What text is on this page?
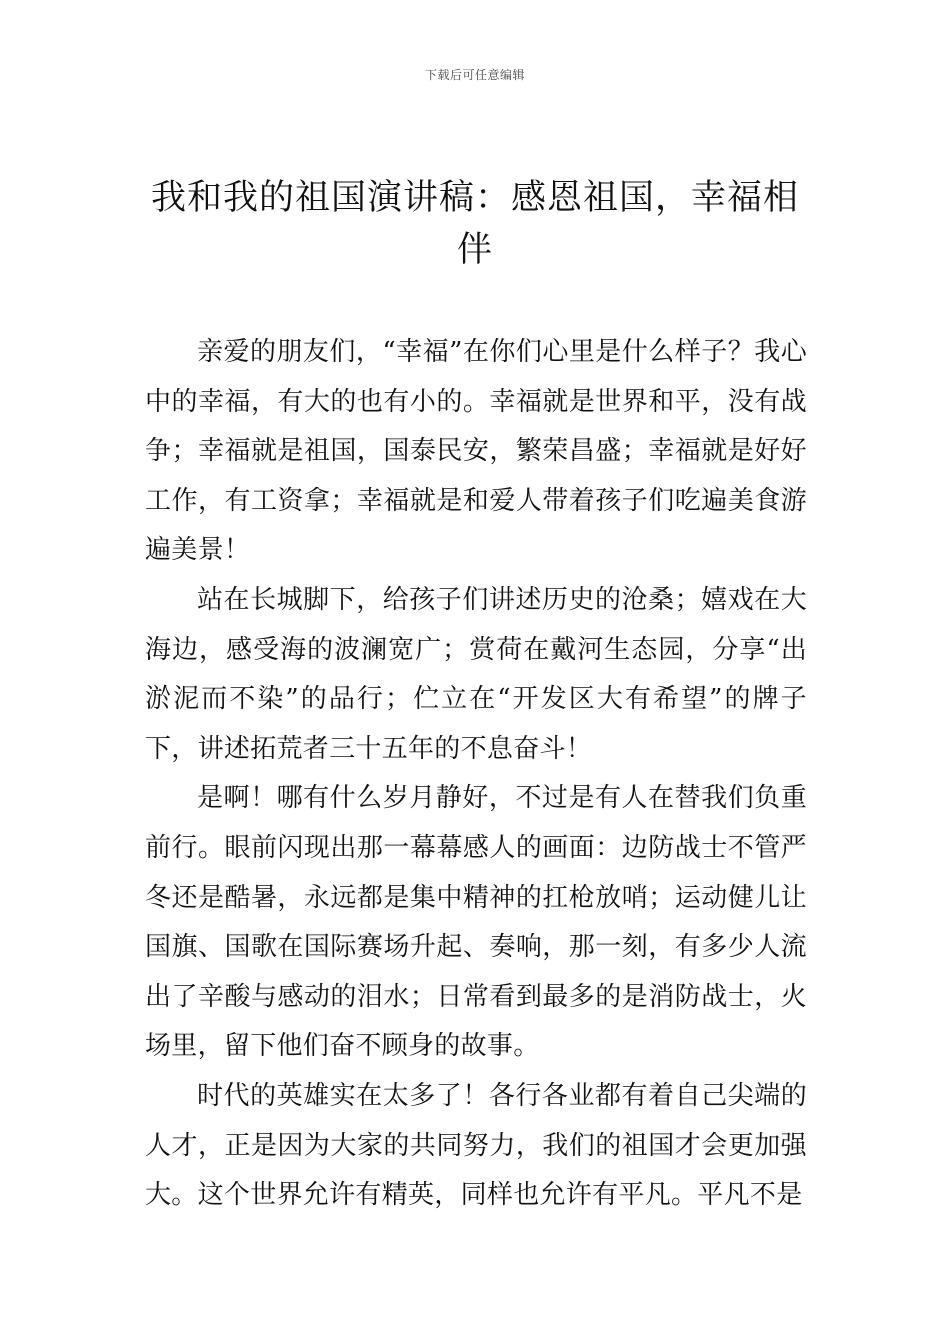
下载后可任意编辑
我和我的祖国演讲稿：感恩祖国，幸福相伴

亲爱的朋友们，“幸福”在你们心里是什么样子？我心中的幸福，有大的也有小的。幸福就是世界和平，没有战争；幸福就是祖国，国泰民安，繁荣昌盛；幸福就是好好工作，有工资拿；幸福就是和爱人带着孩子们吃遍美食游遍美景！

站在长城脚下，给孩子们讲述历史的沧桑；嬉戏在大海边，感受海的波澜宽广；赏荷在戴河生态园，分享“出淤泥而不染”的品行；伫立在“开发区大有希望”的牌子下，讲述拓荒者三十五年的不息奋斗！

是啊！哪有什么岁月静好，不过是有人在替我们负重前行。眼前闪现出那一幕幕感人的画面：边防战士不管严冬还是酷暑，永远都是集中精神的扛枪放哨；运动健儿让国旗、国歌在国际赛场升起、奏响，那一刻，有多少人流出了辛酸与感动的泪水；日常看到最多的是消防战士，火场里，留下他们奋不顾身的故事。

时代的英雄实在太多了！各行各业都有着自己尖端的人才，正是因为大家的共同努力，我们的祖国才会更加强大。这个世界允许有精英，同样也允许有平凡。平凡不是
